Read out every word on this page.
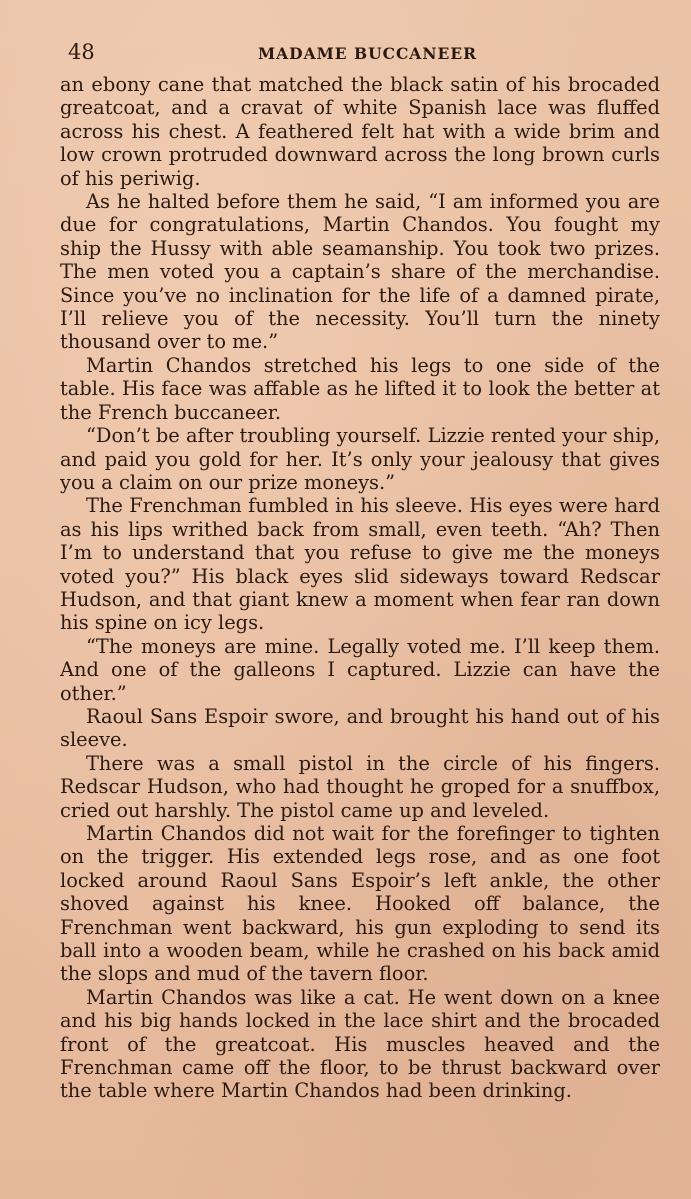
48	MADAME BUCCANEER

an ebony cane that matched the black satin of his brocaded greatcoat, and a cravat of white Spanish lace was fluffed across his chest. A feathered felt hat with a wide brim and low crown protruded downward across the long brown curls of his periwig.

As he halted before them he said, “I am informed you are due for congratulations, Martin Chandos. You fought my ship the Hussy with able seamanship. You took two prizes. The men voted you a captain’s share of the merchandise. Since you’ve no inclination for the life of a damned pirate, I’ll relieve you of the necessity. You’ll turn the ninety thousand over to me.”

Martin Chandos stretched his legs to one side of the table. His face was affable as he lifted it to look the better at the French buccaneer.

“Don’t be after troubling yourself. Lizzie rented your ship, and paid you gold for her. It’s only your jealousy that gives you a claim on our prize moneys.”

The Frenchman fumbled in his sleeve. His eyes were hard as his lips writhed back from small, even teeth. “Ah? Then I’m to understand that you refuse to give me the moneys voted you?” His black eyes slid sideways toward Redscar Hudson, and that giant knew a moment when fear ran down his spine on icy legs.

“The moneys are mine. Legally voted me. I’ll keep them. And one of the galleons I captured. Lizzie can have the other.”

Raoul Sans Espoir swore, and brought his hand out of his sleeve.

There was a small pistol in the circle of his fingers. Redscar Hudson, who had thought he groped for a snuffbox, cried out harshly. The pistol came up and leveled.

Martin Chandos did not wait for the forefinger to tighten on the trigger. His extended legs rose, and as one foot locked around Raoul Sans Espoir’s left ankle, the other shoved against his knee. Hooked off balance, the Frenchman went backward, his gun exploding to send its ball into a wooden beam, while he crashed on his back amid the slops and mud of the tavern floor.

Martin Chandos was like a cat. He went down on a knee and his big hands locked in the lace shirt and the brocaded front of the greatcoat. His muscles heaved and the Frenchman came off the floor, to be thrust backward over the table where Martin Chandos had been drinking.
